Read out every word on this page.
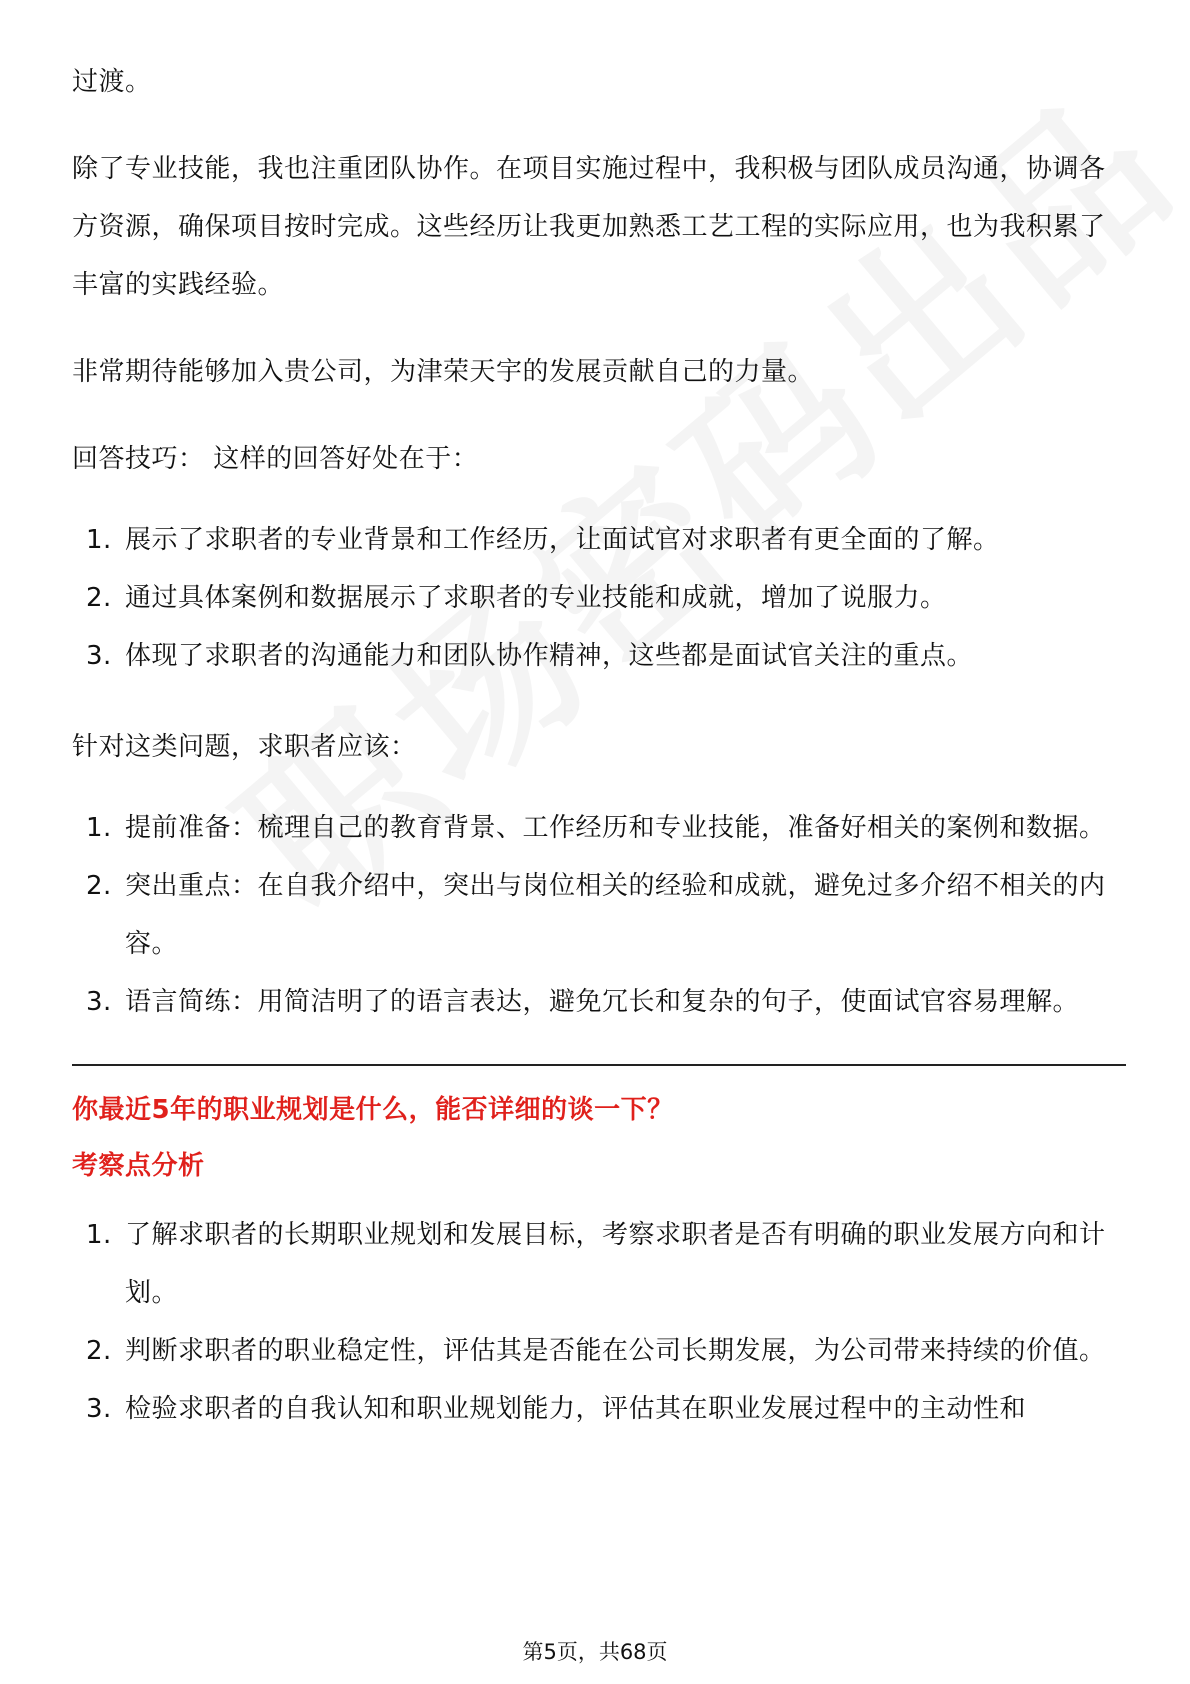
过渡。

除了专业技能，我也注重团队协作。在项目实施过程中，我积极与团队成员沟通，协调各方资源，确保项目按时完成。这些经历让我更加熟悉工艺工程的实际应用，也为我积累了丰富的实践经验。

非常期待能够加入贵公司，为津荣天宇的发展贡献自己的力量。

回答技巧： 这样的回答好处在于：

1. 展示了求职者的专业背景和工作经历，让面试官对求职者有更全面的了解。
2. 通过具体案例和数据展示了求职者的专业技能和成就，增加了说服力。
3. 体现了求职者的沟通能力和团队协作精神，这些都是面试官关注的重点。

针对这类问题，求职者应该：

1. 提前准备：梳理自己的教育背景、工作经历和专业技能，准备好相关的案例和数据。
2. 突出重点：在自我介绍中，突出与岗位相关的经验和成就，避免过多介绍不相关的内容。
3. 语言简练：用简洁明了的语言表达，避免冗长和复杂的句子，使面试官容易理解。
你最近5年的职业规划是什么，能否详细的谈一下？
考察点分析
1. 了解求职者的长期职业规划和发展目标，考察求职者是否有明确的职业发展方向和计划。
2. 判断求职者的职业稳定性，评估其是否能在公司长期发展，为公司带来持续的价值。
3. 检验求职者的自我认知和职业规划能力，评估其在职业发展过程中的主动性和
第5页，共68页
